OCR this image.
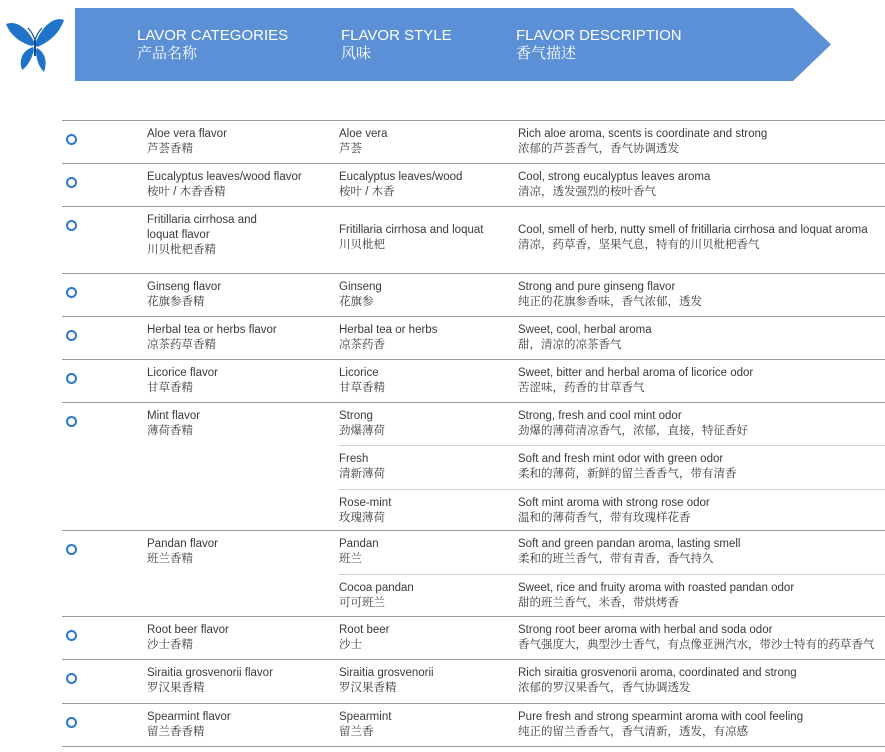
LAVOR CATEGORIES
产品名称
FLAVOR STYLE
风味
FLAVOR DESCRIPTION
香气描述
Aloe vera flavor
芦荟香精
Aloe vera
芦荟
Rich aloe aroma, scents is coordinate and strong
浓郁的芦荟香气，香气协调透发
Eucalyptus leaves/wood flavor
桉叶 / 木香香精
Eucalyptus leaves/wood
桉叶 / 木香
Cool, strong eucalyptus leaves aroma
清凉，透发强烈的桉叶香气
Fritillaria cirrhosa and
loquat flavor
川贝枇杷香精
Fritillaria cirrhosa and loquat
川贝枇杷
Cool, smell of herb, nutty smell of fritillaria cirrhosa and loquat aroma
清凉，药草香，坚果气息，特有的川贝枇杷香气
Ginseng flavor
花旗参香精
Ginseng
花旗参
Strong and pure ginseng flavor
纯正的花旗参香味，香气浓郁，透发
Herbal tea or herbs flavor
凉茶药草香精
Herbal tea or herbs
凉茶药香
Sweet, cool, herbal aroma
甜，清凉的凉茶香气
Licorice flavor
甘草香精
Licorice
甘草香精
Sweet, bitter and herbal aroma of licorice odor
苦涩味，药香的甘草香气
Mint flavor
薄荷香精
Strong
劲爆薄荷
Strong, fresh and cool mint odor
劲爆的薄荷清凉香气，浓郁，直接，特征香好
Fresh
清新薄荷
Soft and fresh mint odor with green odor
柔和的薄荷，新鲜的留兰香香气，带有清香
Rose-mint
玫瑰薄荷
Soft mint aroma with strong rose odor
温和的薄荷香气，带有玫瑰样花香
Pandan flavor
班兰香精
Pandan
班兰
Soft and green pandan aroma, lasting smell
柔和的班兰香气，带有青香，香气持久
Cocoa pandan
可可班兰
Sweet, rice and fruity aroma with roasted pandan odor
甜的班兰香气，米香，带烘烤香
Root beer flavor
沙士香精
Root beer
沙士
Strong root beer aroma with herbal and soda odor
香气强度大，典型沙士香气，有点像亚洲汽水，带沙士特有的药草香气
Siraitia grosvenorii flavor
罗汉果香精
Siraitia grosvenorii
罗汉果香精
Rich siraitia grosvenorii aroma, coordinated and strong
浓郁的罗汉果香气，香气协调透发
Spearmint flavor
留兰香香精
Spearmint
留兰香
Pure fresh and strong spearmint aroma with cool feeling
纯正的留兰香香气，香气清新，透发，有凉感
